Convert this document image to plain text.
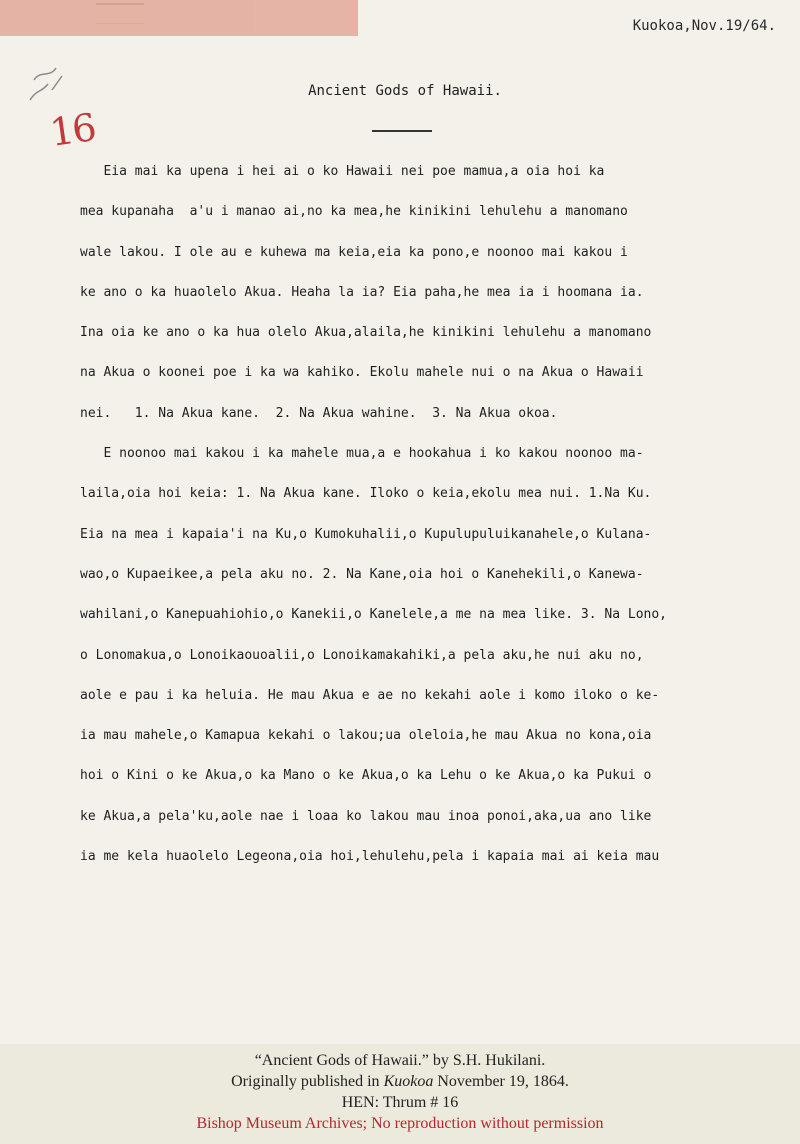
16
Kuokoa,Nov.19/64.
Ancient Gods of Hawaii.
Eia mai ka upena i hei ai o ko Hawaii nei poe mamua,a oia hoi ka
mea kupanaha  a'u i manao ai,no ka mea,he kinikini lehulehu a manomano
wale lakou. I ole au e kuhewa ma keia,eia ka pono,e noonoo mai kakou i
ke ano o ka huaolelo Akua. Heaha la ia? Eia paha,he mea ia i hoomana ia.
Ina oia ke ano o ka hua olelo Akua,alaila,he kinikini lehulehu a manomano
na Akua o koonei poe i ka wa kahiko. Ekolu mahele nui o na Akua o Hawaii
nei.   1. Na Akua kane.  2. Na Akua wahine.  3. Na Akua okoa.
E noonoo mai kakou i ka mahele mua,a e hookahua i ko kakou noonoo ma-
laila,oia hoi keia: 1. Na Akua kane. Iloko o keia,ekolu mea nui. 1.Na Ku.
Eia na mea i kapaia'i na Ku,o Kumokuhalii,o Kupulupuluikanahele,o Kulana-
wao,o Kupaeikee,a pela aku no. 2. Na Kane,oia hoi o Kanehekili,o Kanewa-
wahilani,o Kanepuahiohio,o Kanekii,o Kanelele,a me na mea like. 3. Na Lono,
o Lonomakua,o Lonoikaouoalii,o Lonoikamakahiki,a pela aku,he nui aku no,
aole e pau i ka heluia. He mau Akua e ae no kekahi aole i komo iloko o ke-
ia mau mahele,o Kamapua kekahi o lakou;ua oleloia,he mau Akua no kona,oia
hoi o Kini o ke Akua,o ka Mano o ke Akua,o ka Lehu o ke Akua,o ka Pukui o
ke Akua,a pela'ku,aole nae i loaa ko lakou mau inoa ponoi,aka,ua ano like
ia me kela huaolelo Legeona,oia hoi,lehulehu,pela i kapaia mai ai keia mau
“Ancient Gods of Hawaii.” by S.H. Hukilani.
Originally published in Kuokoa November 19, 1864.
HEN: Thrum # 16
Bishop Museum Archives; No reproduction without permission
